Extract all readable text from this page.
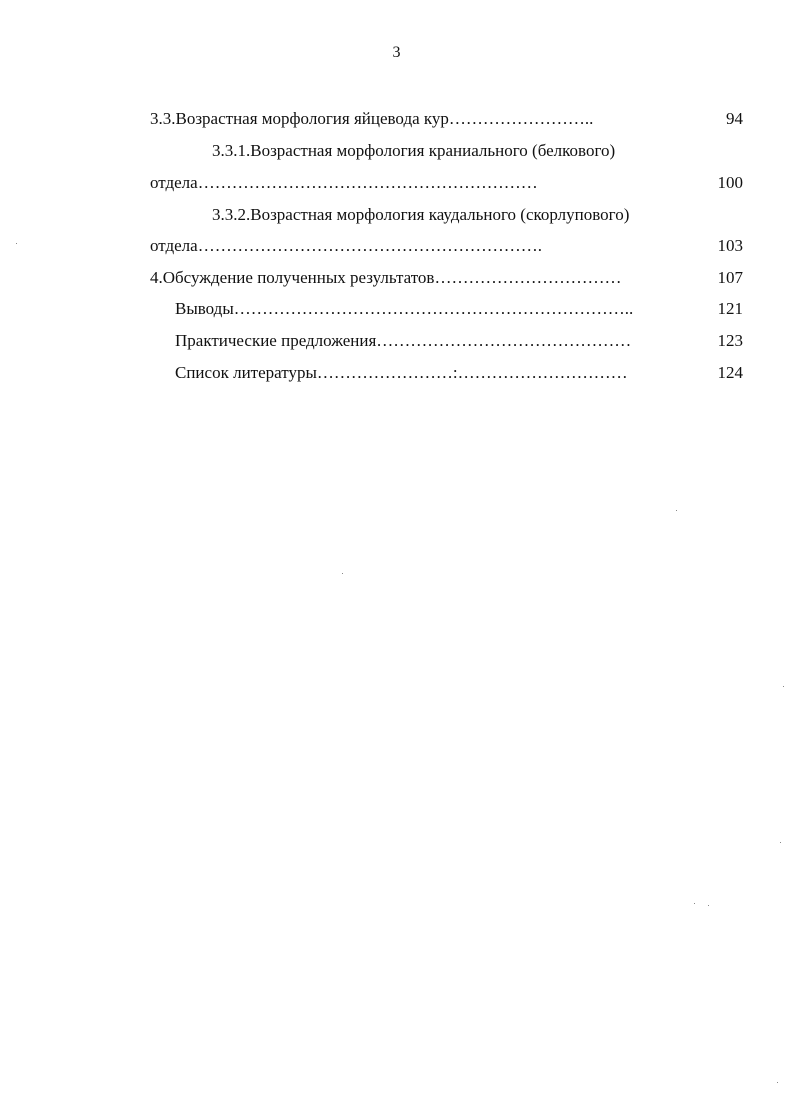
3
3.3.Возрастная морфология яйцевода кур……………………..	94
3.3.1.Возрастная морфология краниального (белкового)
отдела……………………………………………………	100
3.3.2.Возрастная морфология каудального (скорлупового)
отдела…………………………………………………….	103
4.Обсуждение полученных результатов……………………………	107
Выводы……………………………………………………………..	121
Практические предложения………………………………………	123
Список литературы……………………:…………………………	124
